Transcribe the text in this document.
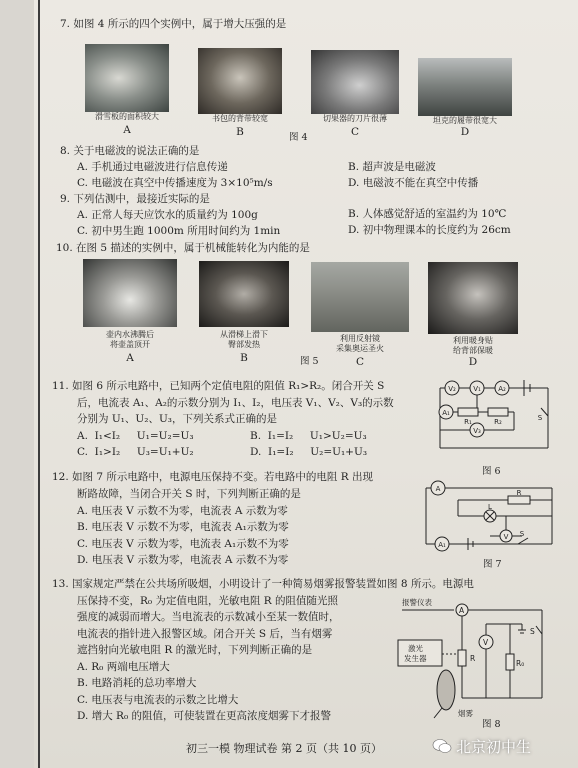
7. 如图 4 所示的四个实例中，属于增大压强的是
滑雪板的面积较大	书包的背带较宽	切果器的刀片很薄	坦克的履带很宽大
A	B	C	D
图 4
8. 关于电磁波的说法正确的是
A. 手机通过电磁波进行信息传递	B. 超声波是电磁波
C. 电磁波在真空中传播速度为 3×10⁵m/s	D. 电磁波不能在真空中传播
9. 下列估测中，最接近实际的是
A. 正常人每天应饮水的质量约为 100g	B. 人体感觉舒适的室温约为 10℃
C. 初中男生跑 1000m 所用时间约为 1min	D. 初中物理课本的长度约为 26cm
10. 在图 5 描述的实例中，属于机械能转化为内能的是
壶内水沸腾后
将壶盖顶开
从滑梯上滑下
臀部发热
利用反射镜
采集奥运圣火
利用暖身贴
给背部保暖
A	B	C	D
图 5
11. 如图 6 所示电路中，已知两个定值电阻的阻值 R₁>R₂。闭合开关 S
后，电流表 A₁、A₂的示数分别为 I₁、I₂，电压表 V₁、V₂、V₃的示数
分别为 U₁、U₂、U₃，下列关系式正确的是
A.  I₁<I₂     U₁=U₂=U₃	B.  I₁=I₂     U₁>U₂=U₃
C.  I₁>I₂     U₃=U₁+U₂	D.  I₁=I₂     U₂=U₁+U₃
V₂ V₁ A₂
A₁
R₁	R₂
V₃
S
图 6
12. 如图 7 所示电路中，电源电压保持不变。若电路中的电阻 R 出现
断路故障，当闭合开关 S 时，下列判断正确的是
A. 电压表 V 示数不为零，电流表 A 示数为零
B. 电压表 V 示数不为零，电流表 A₁示数为零
C. 电压表 V 示数为零，电流表 A₁示数不为零
D. 电压表 V 示数为零，电流表 A 示数不为零
A	R
L
V
A₁
S
图 7
13. 国家规定严禁在公共场所吸烟，小明设计了一种简易烟雾报警装置如图 8 所示。电源电
压保持不变，R₀ 为定值电阻，光敏电阻 R 的阻值随光照
强度的减弱而增大。当电流表的示数减小至某一数值时，
电流表的指针进入报警区域。闭合开关 S 后，当有烟雾
遮挡射向光敏电阻 R 的激光时，下列判断正确的是
A. R₀ 两端电压增大
B. 电路消耗的总功率增大
C. 电压表与电流表的示数之比增大
D. 增大 R₀ 的阻值，可使装置在更高浓度烟雾下才报警
报警仪表
A
S
V
R
R₀
激光
发生器
烟雾
图 8
初三一模 物理试卷 第 2 页（共 10 页）	北京初中生
